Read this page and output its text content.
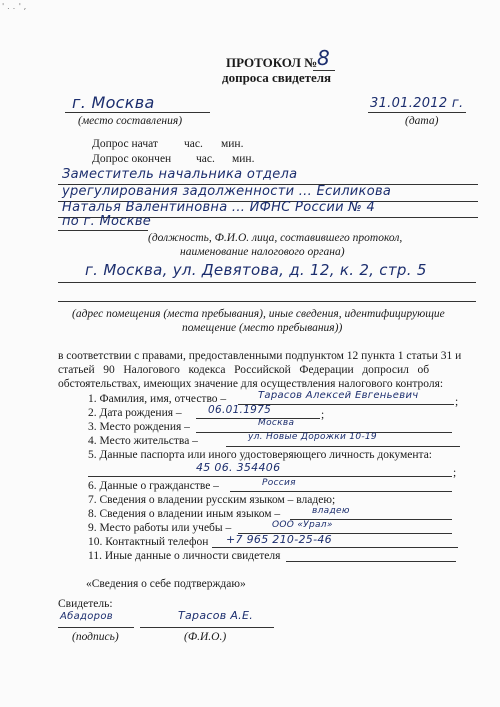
' . . ' ,
ПРОТОКОЛ № 8
допроса свидетеля
г. Москва
(место составления)
31.01.2012 г.
(дата)
Допрос начат час. мин.
Допрос окончен час. мин.
Заместитель начальника отдела
урегулирования задолженности ... Есиликова
Наталья Валентиновна ... ИФНС России № 4
по г. Москве
(должность, Ф.И.О. лица, составившего протокол,
наименование налогового органа)
г. Москва, ул. Девятова, д. 12, к. 2, стр. 5
(адрес помещения (места пребывания), иные сведения, идентифицирующие
помещение (место пребывания))
в соответствии с правами, предоставленными подпунктом 12 пункта 1 статьи 31 и
статьей   90   Налогового   кодекса   Российской   Федерации   допросил   об
обстоятельствах, имеющих значение для осуществления налогового контроля:
1. Фамилия, имя, отчество –	Тарасов Алексей Евгеньевич
;
2. Дата рождения –	06.01.1975	;
3. Место рождения –	Москва
4. Место жительства –	ул. Новые Дорожки 10-19
5. Данные паспорта или иного удостоверяющего личность документа:
45 06. 354406	;
6. Данные о гражданстве –	Россия
7. Сведения о владении русским языком – владею;
8. Сведения о владении иным языком –	владею
9. Место работы или учебы –	ООО «Урал»
10. Контактный телефон +7 965 210-25-46
11. Иные данные о личности свидетеля
«Сведения о себе подтверждаю»
Свидетель:
Абадоров	Тарасов А.Е.
(подпись)	(Ф.И.О.)
